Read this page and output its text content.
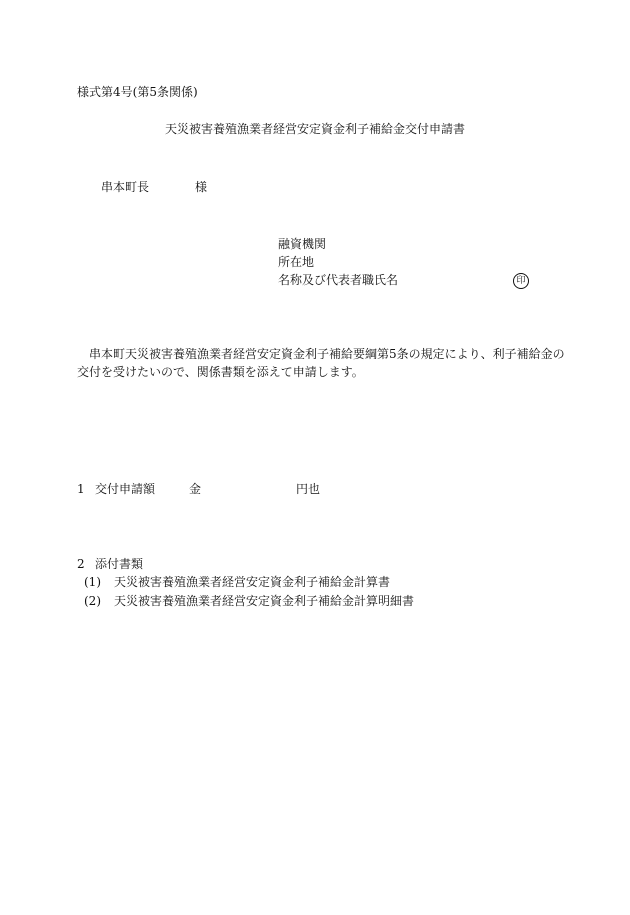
様式第4号(第5条関係)
天災被害養殖漁業者経営安定資金利子補給金交付申請書
串本町長	様
融資機関
所在地
名称及び代表者職氏名	印
串本町天災被害養殖漁業者経営安定資金利子補給要綱第5条の規定により、利子補給金の
交付を受けたいので、関係書類を添えて申請します。
1 交付申請額	金	円也
2 添付書類
(1) 天災被害養殖漁業者経営安定資金利子補給金計算書
(2) 天災被害養殖漁業者経営安定資金利子補給金計算明細書
